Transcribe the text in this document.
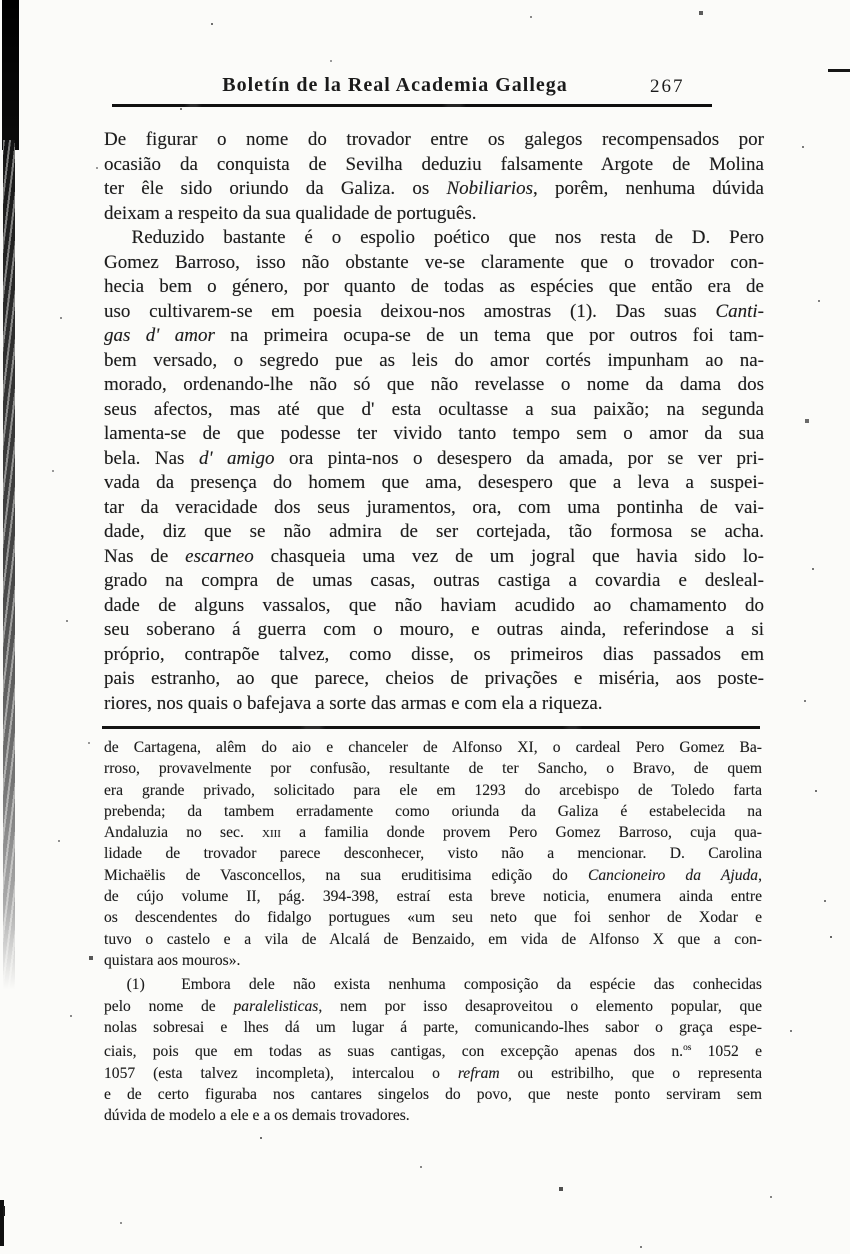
Boletín de la Real Academia Gallega	267
De figurar o nome do trovador entre os galegos recompensados por
ocasião da conquista de Sevilha deduziu falsamente Argote de Molina
ter êle sido oriundo da Galiza. os Nobiliarios, porêm, nenhuma dúvida
deixam a respeito da sua qualidade de português.
Reduzido bastante é o espolio poético que nos resta de D. Pero
Gomez Barroso, isso não obstante ve-se claramente que o trovador con-
hecia bem o género, por quanto de todas as espécies que então era de
uso cultivarem-se em poesia deixou-nos amostras (1). Das suas Canti-
gas d' amor na primeira ocupa-se de un tema que por outros foi tam-
bem versado, o segredo pue as leis do amor cortés impunham ao na-
morado, ordenando-lhe não só que não revelasse o nome da dama dos
seus afectos, mas até que d' esta ocultasse a sua paixão; na segunda
lamenta-se de que podesse ter vivido tanto tempo sem o amor da sua
bela. Nas d' amigo ora pinta-nos o desespero da amada, por se ver pri-
vada da presença do homem que ama, desespero que a leva a suspei-
tar da veracidade dos seus juramentos, ora, com uma pontinha de vai-
dade, diz que se não admira de ser cortejada, tão formosa se acha.
Nas de escarneo chasqueia uma vez de um jogral que havia sido lo-
grado na compra de umas casas, outras castiga a covardia e desleal-
dade de alguns vassalos, que não haviam acudido ao chamamento do
seu soberano á guerra com o mouro, e outras ainda, referindose a si
próprio, contrapõe talvez, como disse, os primeiros dias passados em
pais estranho, ao que parece, cheios de privações e miséria, aos poste-
riores, nos quais o bafejava a sorte das armas e com ela a riqueza.
de Cartagena, alêm do aio e chanceler de Alfonso XI, o cardeal Pero Gomez Ba-
rroso, provavelmente por confusão, resultante de ter Sancho, o Bravo, de quem
era grande privado, solicitado para ele em 1293 do arcebispo de Toledo farta
prebenda; da tambem erradamente como oriunda da Galiza é estabelecida na
Andaluzia no sec. xiii a familia donde provem Pero Gomez Barroso, cuja qua-
lidade de trovador parece desconhecer, visto não a mencionar. D. Carolina
Michaëlis de Vasconcellos, na sua eruditisima edição do Cancioneiro da Ajuda,
de cújo volume II, pág. 394-398, estraí esta breve noticia, enumera ainda entre
os descendentes do fidalgo portugues «um seu neto que foi senhor de Xodar e
tuvo o castelo e a vila de Alcalá de Benzaido, em vida de Alfonso X que a con-
quistara aos mouros».
(1)  Embora dele não exista nenhuma composição da espécie das conhecidas
pelo nome de paralelisticas, nem por isso desaproveitou o elemento popular, que
nolas sobresai e lhes dá um lugar á parte, comunicando-lhes sabor o graça espe-
ciais, pois que em todas as suas cantigas, con excepção apenas dos n.$^{os}$ 1052 e
1057 (esta talvez incompleta), intercalou o refram ou estribilho, que o representa
e de certo figuraba nos cantares singelos do povo, que neste ponto serviram sem
dúvida de modelo a ele e a os demais trovadores.
